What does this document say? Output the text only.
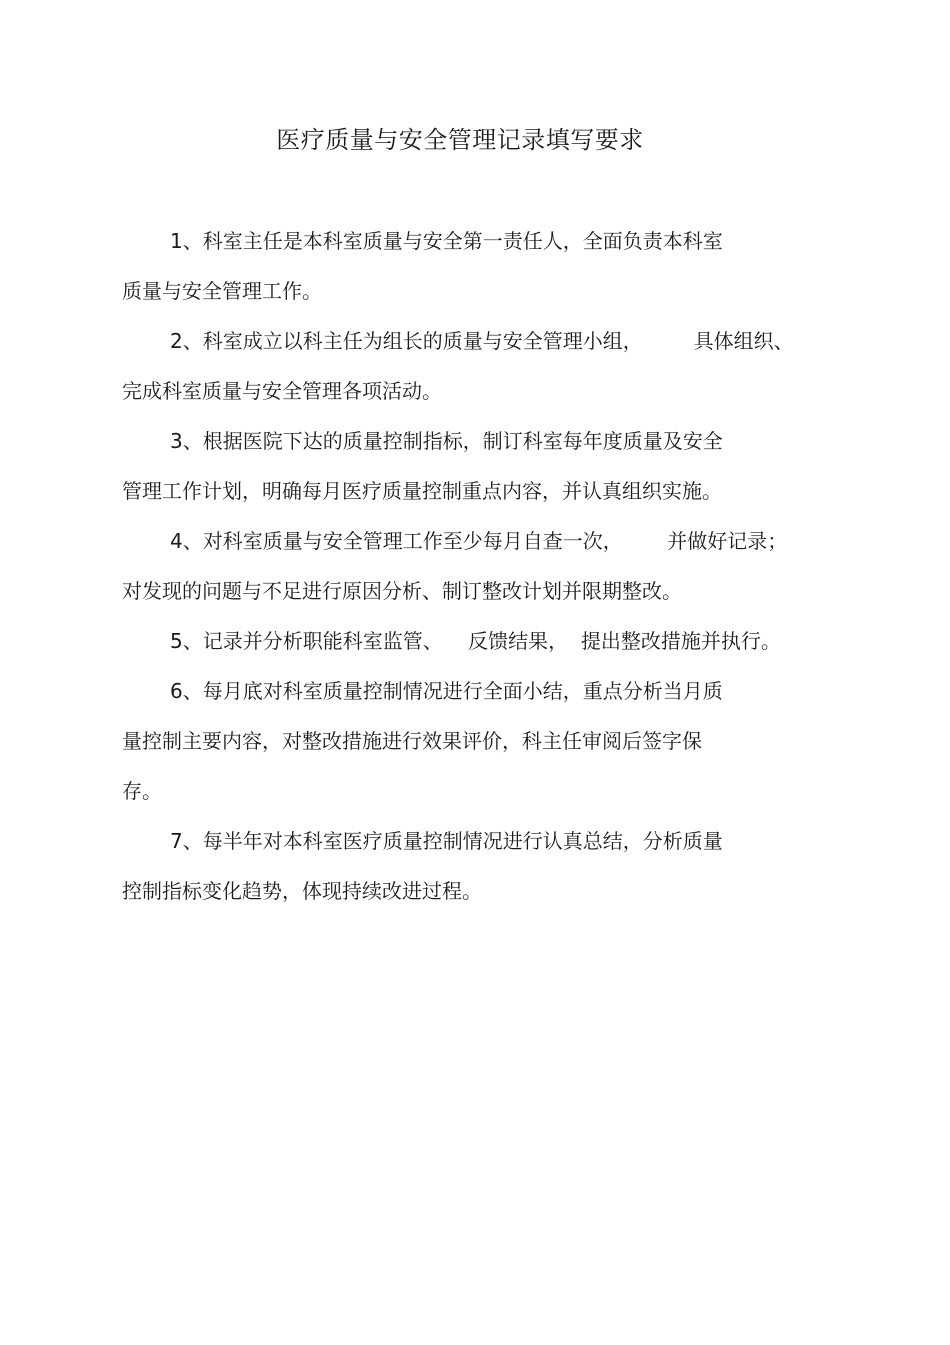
医疗质量与安全管理记录填写要求
1、科室主任是本科室质量与安全第一责任人，全面负责本科室
质量与安全管理工作。
2、科室成立以科主任为组长的质量与安全管理小组，        具体组织、
完成科室质量与安全管理各项活动。
3、根据医院下达的质量控制指标，制订科室每年度质量及安全
管理工作计划，明确每月医疗质量控制重点内容，并认真组织实施。
4、对科室质量与安全管理工作至少每月自查一次，       并做好记录；
对发现的问题与不足进行原因分析、制订整改计划并限期整改。
5、记录并分析职能科室监管、    反馈结果，  提出整改措施并执行。
6、每月底对科室质量控制情况进行全面小结，重点分析当月质
量控制主要内容，对整改措施进行效果评价，科主任审阅后签字保
存。
7、每半年对本科室医疗质量控制情况进行认真总结，分析质量
控制指标变化趋势，体现持续改进过程。
